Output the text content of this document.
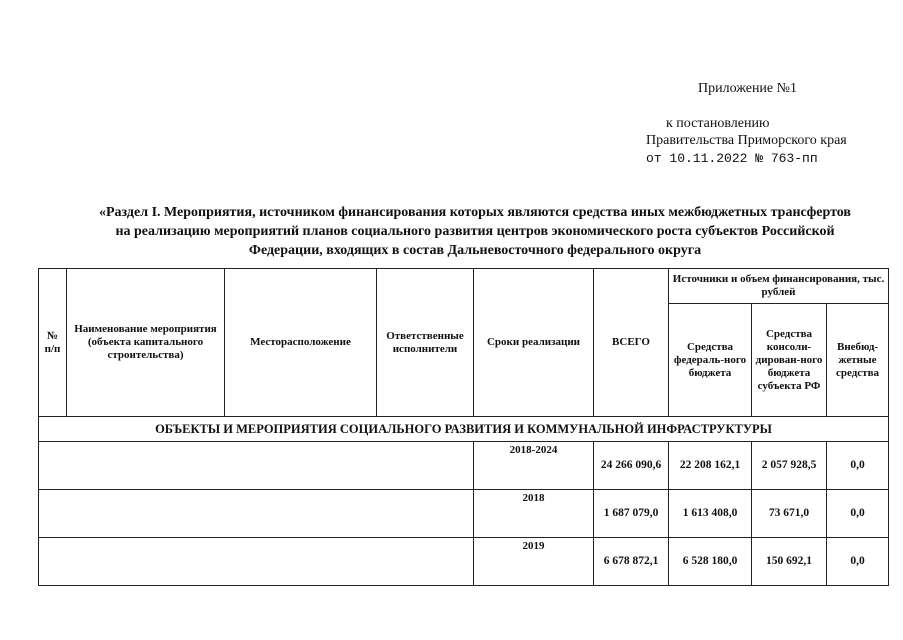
Приложение №1
к постановлению
Правительства Приморского края
от 10.11.2022 № 763-пп
«Раздел I. Мероприятия, источником финансирования которых являются средства иных межбюджетных трансфертов
на реализацию мероприятий планов социального развития центров экономического роста субъектов Российской
Федерации, входящих в состав Дальневосточного федерального округа
№ п/п	Наименование мероприятия (объекта капитального строительства)	Месторасположение	Ответственные исполнители	Сроки реализации	ВСЕГО	Источники и объем финансирования, тыс. рублей		
						Средства федераль-ного бюджета	Средства консоли-дирован-ного бюджета субъекта РФ	Внебюд-жетные средства
ОБЪЕКТЫ И МЕРОПРИЯТИЯ СОЦИАЛЬНОГО РАЗВИТИЯ И КОММУНАЛЬНОЙ ИНФРАСТРУКТУРЫ								
				2018-2024	24 266 090,6	22 208 162,1	2 057 928,5	0,0
				2018	1 687 079,0	1 613 408,0	73 671,0	0,0
				2019	6 678 872,1	6 528 180,0	150 692,1	0,0
